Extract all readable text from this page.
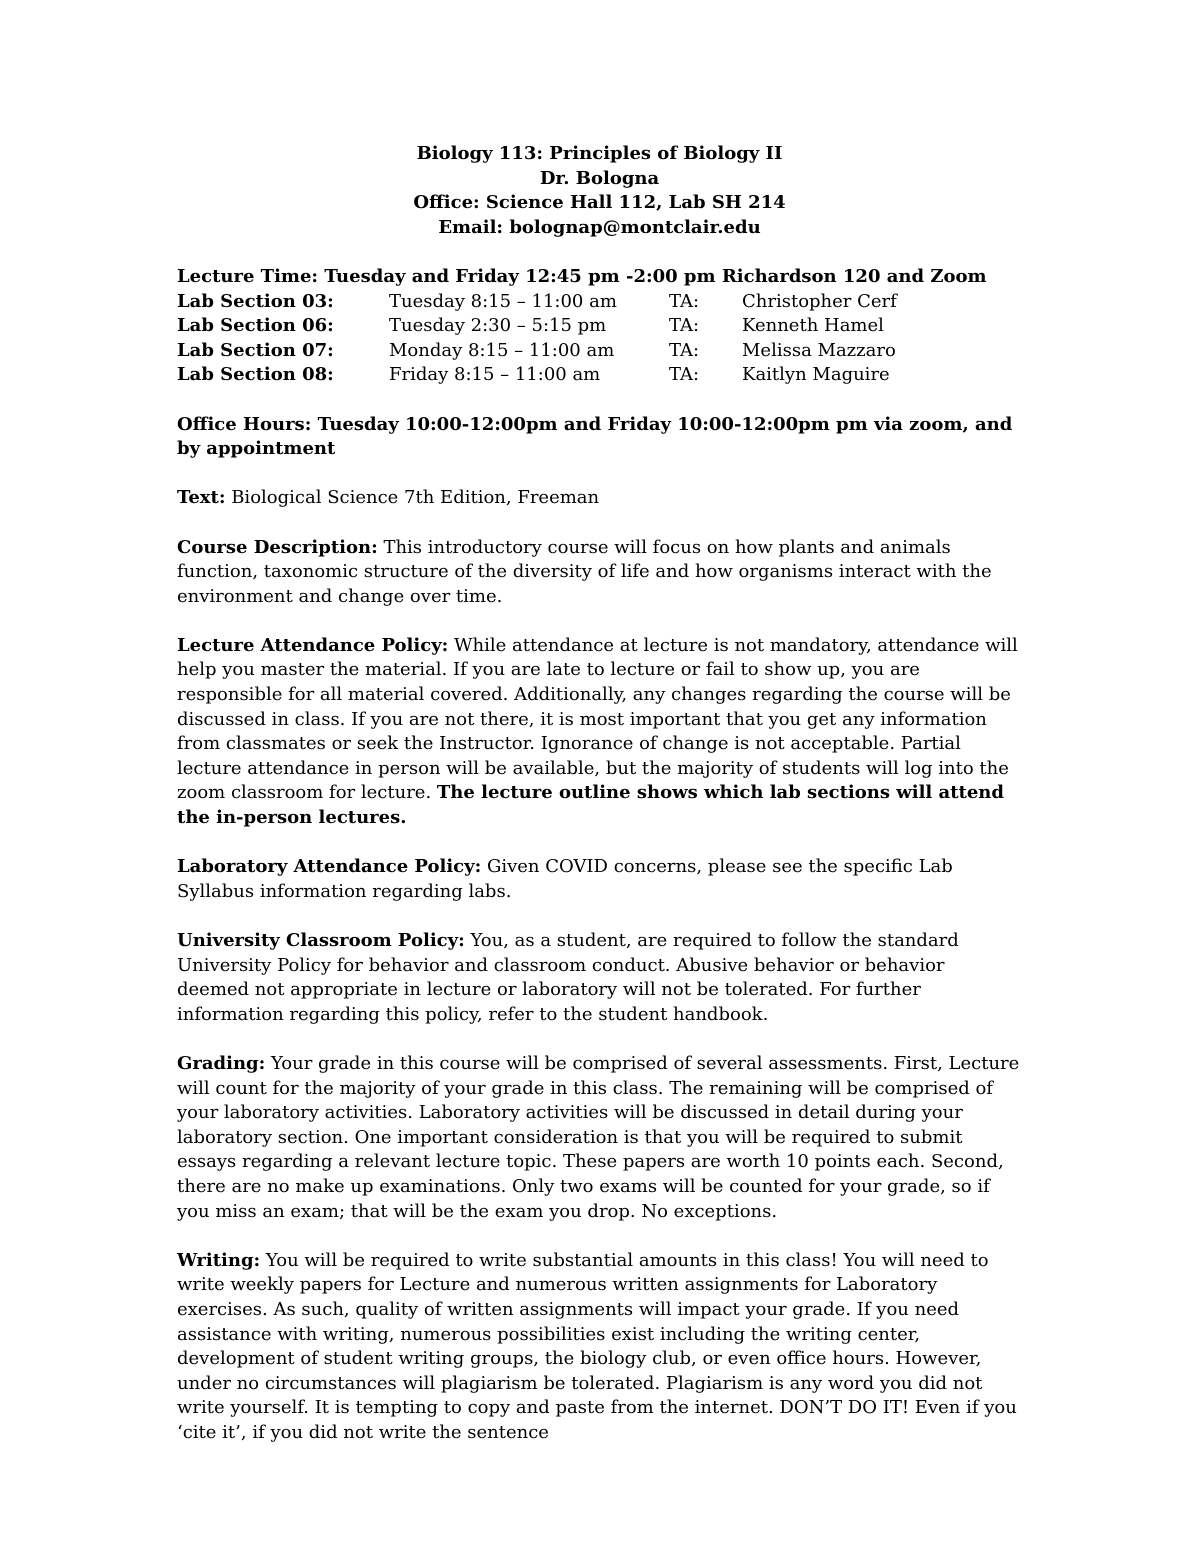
Biology 113: Principles of Biology II
Dr. Bologna
Office: Science Hall 112, Lab SH 214
Email: bolognap@montclair.edu
Lecture Time: Tuesday and Friday 12:45 pm -2:00 pm Richardson 120 and Zoom
Lab Section 03:	Tuesday 8:15 – 11:00 am	TA:	Christopher Cerf
Lab Section 06:	Tuesday 2:30 – 5:15 pm	TA:	Kenneth Hamel
Lab Section 07:	Monday 8:15 – 11:00 am	TA:	Melissa Mazzaro
Lab Section 08:	Friday 8:15 – 11:00 am	TA:	Kaitlyn Maguire
Office Hours: Tuesday 10:00-12:00pm and Friday 10:00-12:00pm pm via zoom, and by appointment
Text: Biological Science 7th Edition, Freeman
Course Description: This introductory course will focus on how plants and animals function, taxonomic structure of the diversity of life and how organisms interact with the environment and change over time.
Lecture Attendance Policy: While attendance at lecture is not mandatory, attendance will help you master the material. If you are late to lecture or fail to show up, you are responsible for all material covered. Additionally, any changes regarding the course will be discussed in class. If you are not there, it is most important that you get any information from classmates or seek the Instructor. Ignorance of change is not acceptable. Partial lecture attendance in person will be available, but the majority of students will log into the zoom classroom for lecture. The lecture outline shows which lab sections will attend the in-person lectures.
Laboratory Attendance Policy: Given COVID concerns, please see the specific Lab Syllabus information regarding labs.
University Classroom Policy: You, as a student, are required to follow the standard University Policy for behavior and classroom conduct. Abusive behavior or behavior deemed not appropriate in lecture or laboratory will not be tolerated. For further information regarding this policy, refer to the student handbook.
Grading: Your grade in this course will be comprised of several assessments. First, Lecture will count for the majority of your grade in this class. The remaining will be comprised of your laboratory activities. Laboratory activities will be discussed in detail during your laboratory section. One important consideration is that you will be required to submit essays regarding a relevant lecture topic. These papers are worth 10 points each. Second, there are no make up examinations. Only two exams will be counted for your grade, so if you miss an exam; that will be the exam you drop. No exceptions.
Writing: You will be required to write substantial amounts in this class! You will need to write weekly papers for Lecture and numerous written assignments for Laboratory exercises. As such, quality of written assignments will impact your grade. If you need assistance with writing, numerous possibilities exist including the writing center, development of student writing groups, the biology club, or even office hours. However, under no circumstances will plagiarism be tolerated. Plagiarism is any word you did not write yourself. It is tempting to copy and paste from the internet. DON’T DO IT! Even if you ‘cite it’, if you did not write the sentence
